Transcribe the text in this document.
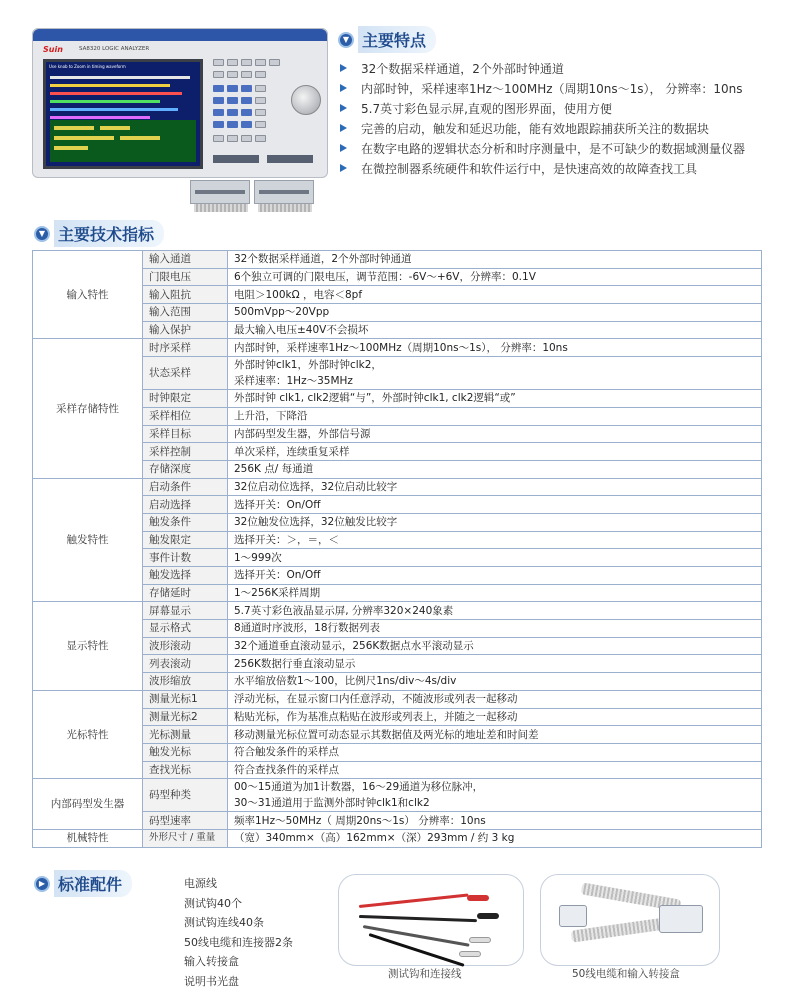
Suin	SA8320 LOGIC ANALYZER
Use knob to Zoom in timing waveform
▼ 主要特点
32个数据采样通道，2个外部时钟通道
内部时钟，采样速率1Hz～100MHz（周期10ns～1s）， 分辨率：10ns
5.7英寸彩色显示屏,直观的图形界面，使用方便
完善的启动，触发和延迟功能，能有效地跟踪捕获所关注的数据块
在数字电路的逻辑状态分析和时序测量中，是不可缺少的数据域测量仪器
在微控制器系统硬件和软件运行中，是快速高效的故障查找工具
▼ 主要技术指标
输入特性	输入通道	32个数据采样通道，2个外部时钟通道
	门限电压	6个独立可调的门限电压，调节范围：-6V～+6V，分辨率：0.1V
	输入阻抗	电阻＞100kΩ ，电容＜8pf
	输入范围	500mVpp～20Vpp
	输入保护	最大输入电压±40V不会损坏
采样存储特性	时序采样	内部时钟，采样速率1Hz～100MHz（周期10ns～1s）， 分辨率：10ns
	状态采样	外部时钟clk1，外部时钟clk2，
采样速率：1Hz～35MHz

	时钟限定	外部时钟 clk1, clk2逻辑“与”，外部时钟clk1, clk2逻辑“或”
	采样相位	上升沿，下降沿
	采样目标	内部码型发生器，外部信号源
	采样控制	单次采样，连续重复采样
	存储深度	256K 点/ 每通道
触发特性	启动条件	32位启动位选择，32位启动比较字
	启动选择	选择开关：On/Off
	触发条件	32位触发位选择，32位触发比较字
	触发限定	选择开关：＞，＝，＜
	事件计数	1～999次
	触发选择	选择开关：On/Off
	存储延时	1～256K采样周期
显示特性	屏幕显示	5.7英寸彩色液晶显示屏, 分辨率320×240象素
	显示格式	8通道时序波形，18行数据列表
	波形滚动	32个通道垂直滚动显示，256K数据点水平滚动显示
	列表滚动	256K数据行垂直滚动显示
	波形缩放	水平缩放倍数1～100，比例尺1ns/div～4s/div
光标特性	测量光标1	浮动光标，在显示窗口内任意浮动，不随波形或列表一起移动
	测量光标2	粘贴光标，作为基准点粘贴在波形或列表上，并随之一起移动
	光标测量	移动测量光标位置可动态显示其数据值及两光标的地址差和时间差
	触发光标	符合触发条件的采样点
	查找光标	符合查找条件的采样点
内部码型发生器	码型种类	00～15通道为加1计数器，16～29通道为移位脉冲，
30～31通道用于监测外部时钟clk1和clk2

	码型速率	频率1Hz～50MHz（ 周期20ns～1s） 分辨率：10ns
机械特性	外形尺寸 / 重量	（宽）340mm×（高）162mm×（深）293mm / 约 3 kg
▶ 标准配件	电源线
测试钩40个
测试钩连线40条
50线电缆和连接器2条
输入转接盒
说明书光盘
测试钩和连接线	50线电缆和输入转接盒
